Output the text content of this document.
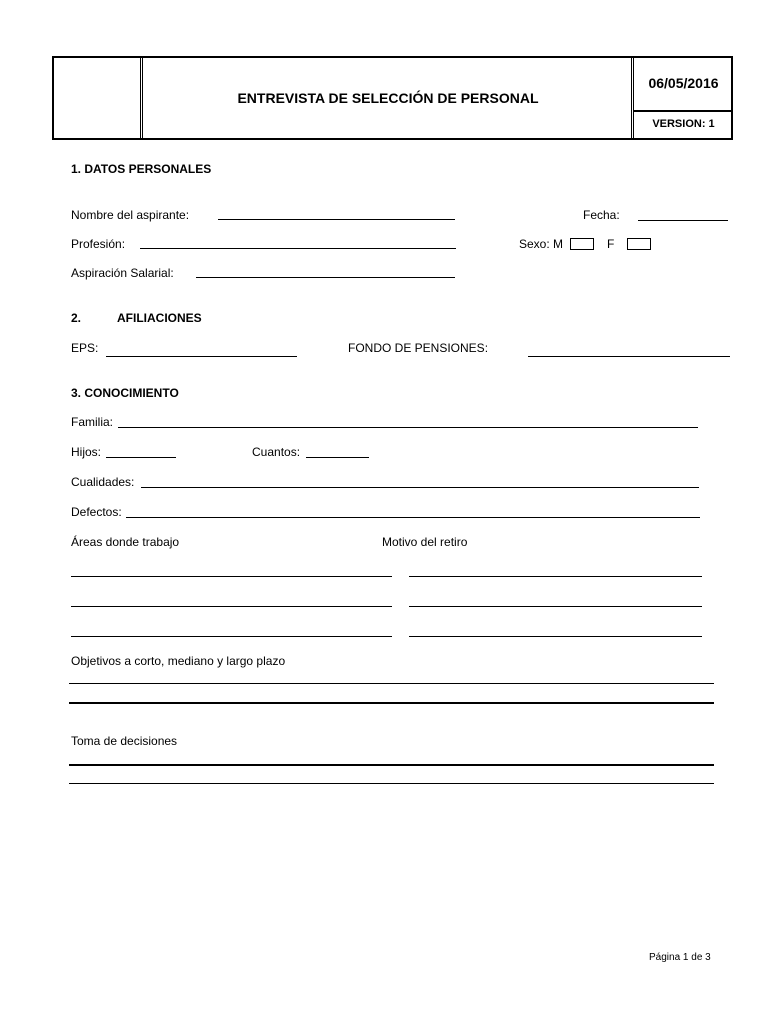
ENTREVISTA DE SELECCIÓN DE PERSONAL
06/05/2016
VERSION: 1
1. DATOS PERSONALES
Nombre del aspirante:	Fecha:
Profesión:	Sexo: M	F
Aspiración Salarial:
2.	AFILIACIONES
EPS:	FONDO DE PENSIONES:
3. CONOCIMIENTO
Familia:
Hijos:	Cuantos:
Cualidades:
Defectos:
Áreas donde trabajo	Motivo del retiro
Objetivos a corto, mediano y largo plazo
Toma de decisiones
Página 1 de 3
